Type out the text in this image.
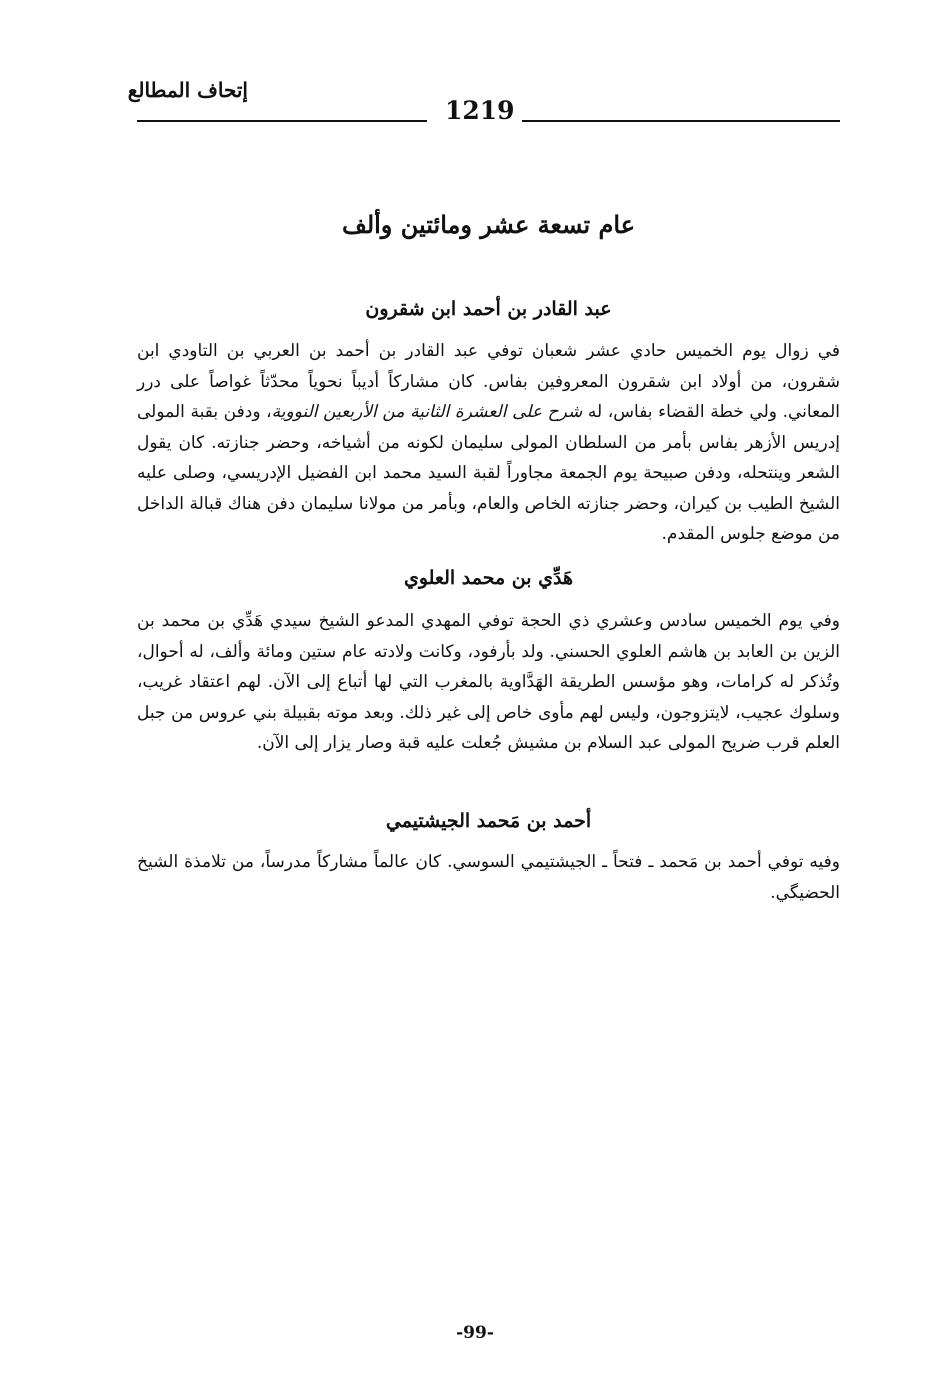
إتحاف المطالع
1219
عام تسعة عشر ومائتين وألف
عبد القادر بن أحمد ابن شقرون
في زوال يوم الخميس حادي عشر شعبان توفي عبد القادر بن أحمد بن العربي بن التاودي ابن شقرون، من أولاد ابن شقرون المعروفين بفاس. كان مشاركاً أديباً نحوياً محدّثاً غواصاً على درر المعاني. ولي خطة القضاء بفاس، له شرح على العشرة الثانية من الأربعين النووية، ودفن بقبة المولى إدريس الأزهر بفاس بأمر من السلطان المولى سليمان لكونه من أشياخه، وحضر جنازته. كان يقول الشعر وينتحله، ودفن صبيحة يوم الجمعة مجاوراً لقبة السيد محمد ابن الفضيل الإدريسي، وصلى عليه الشيخ الطيب بن كيران، وحضر جنازته الخاص والعام، وبأمر من مولانا سليمان دفن هناك قبالة الداخل من موضع جلوس المقدم.
هَدِّي بن محمد العلوي
وفي يوم الخميس سادس وعشري ذي الحجة توفي المهدي المدعو الشيخ سيدي هَدِّي بن محمد بن الزين بن العابد بن هاشم العلوي الحسني. ولد بأرفود، وكانت ولادته عام ستين ومائة وألف، له أحوال، وتُذكر له كرامات، وهو مؤسس الطريقة الهَدَّاوية بالمغرب التي لها أتباع إلى الآن. لهم اعتقاد غريب، وسلوك عجيب، لايتزوجون، وليس لهم مأوى خاص إلى غير ذلك. وبعد موته بقبيلة بني عروس من جبل العلم قرب ضريح المولى عبد السلام بن مشيش جُعلت عليه قبة وصار يزار إلى الآن.
أحمد بن مَحمد الجيشتيمي
وفيه توفي أحمد بن مَحمد ـ فتحاً ـ الجيشتيمي السوسي. كان عالماً مشاركاً مدرساً، من تلامذة الشيخ الحضيگي.
-99-
